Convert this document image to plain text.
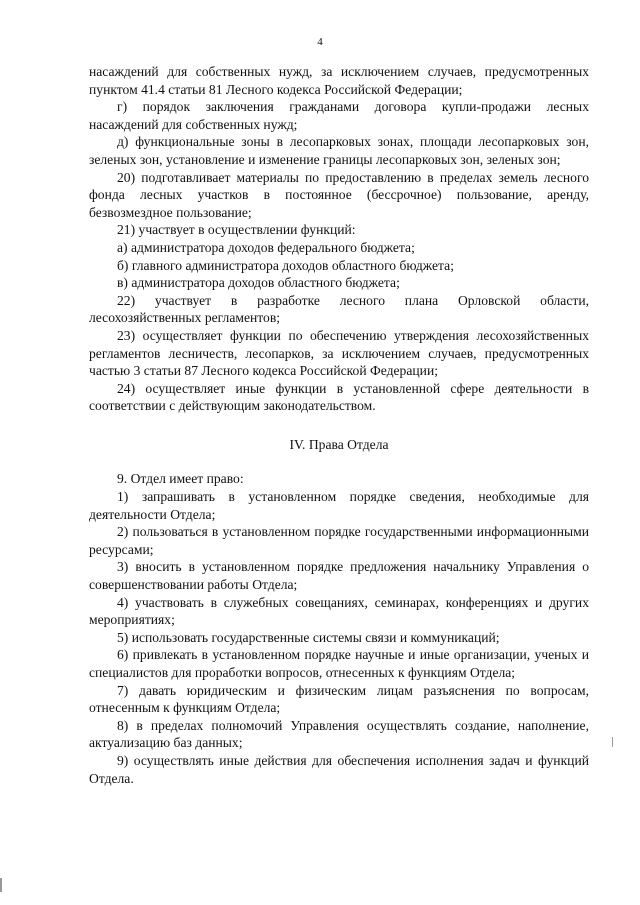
4

насаждений для собственных нужд, за исключением случаев, предусмотренных пунктом 41.4 статьи 81 Лесного кодекса Российской Федерации;

г) порядок заключения гражданами договора купли-продажи лесных насаждений для собственных нужд;

д) функциональные зоны в лесопарковых зонах, площади лесопарковых зон, зеленых зон, установление и изменение границы лесопарковых зон, зеленых зон;

20) подготавливает материалы по предоставлению в пределах земель лесного фонда лесных участков в постоянное (бессрочное) пользование, аренду, безвозмездное пользование;

21) участвует в осуществлении функций:

а) администратора доходов федерального бюджета;

б) главного администратора доходов областного бюджета;

в) администратора доходов областного бюджета;

22) участвует в разработке лесного плана Орловской области, лесохозяйственных регламентов;

23) осуществляет функции по обеспечению утверждения лесохозяйственных регламентов лесничеств, лесопарков, за исключением случаев, предусмотренных частью 3 статьи 87 Лесного кодекса Российской Федерации;

24) осуществляет иные функции в установленной сфере деятельности в соответствии с действующим законодательством.

IV. Права Отдела

9. Отдел имеет право:

1) запрашивать в установленном порядке сведения, необходимые для деятельности Отдела;

2) пользоваться в установленном порядке государственными информационными ресурсами;

3) вносить в установленном порядке предложения начальнику Управления о совершенствовании работы Отдела;

4) участвовать в служебных совещаниях, семинарах, конференциях и других мероприятиях;

5) использовать государственные системы связи и коммуникаций;

6) привлекать в установленном порядке научные и иные организации, ученых и специалистов для проработки вопросов, отнесенных к функциям Отдела;

7) давать юридическим и физическим лицам разъяснения по вопросам, отнесенным к функциям Отдела;

8) в пределах полномочий Управления осуществлять создание, наполнение, актуализацию баз данных;

9) осуществлять иные действия для обеспечения исполнения задач и функций Отдела.
